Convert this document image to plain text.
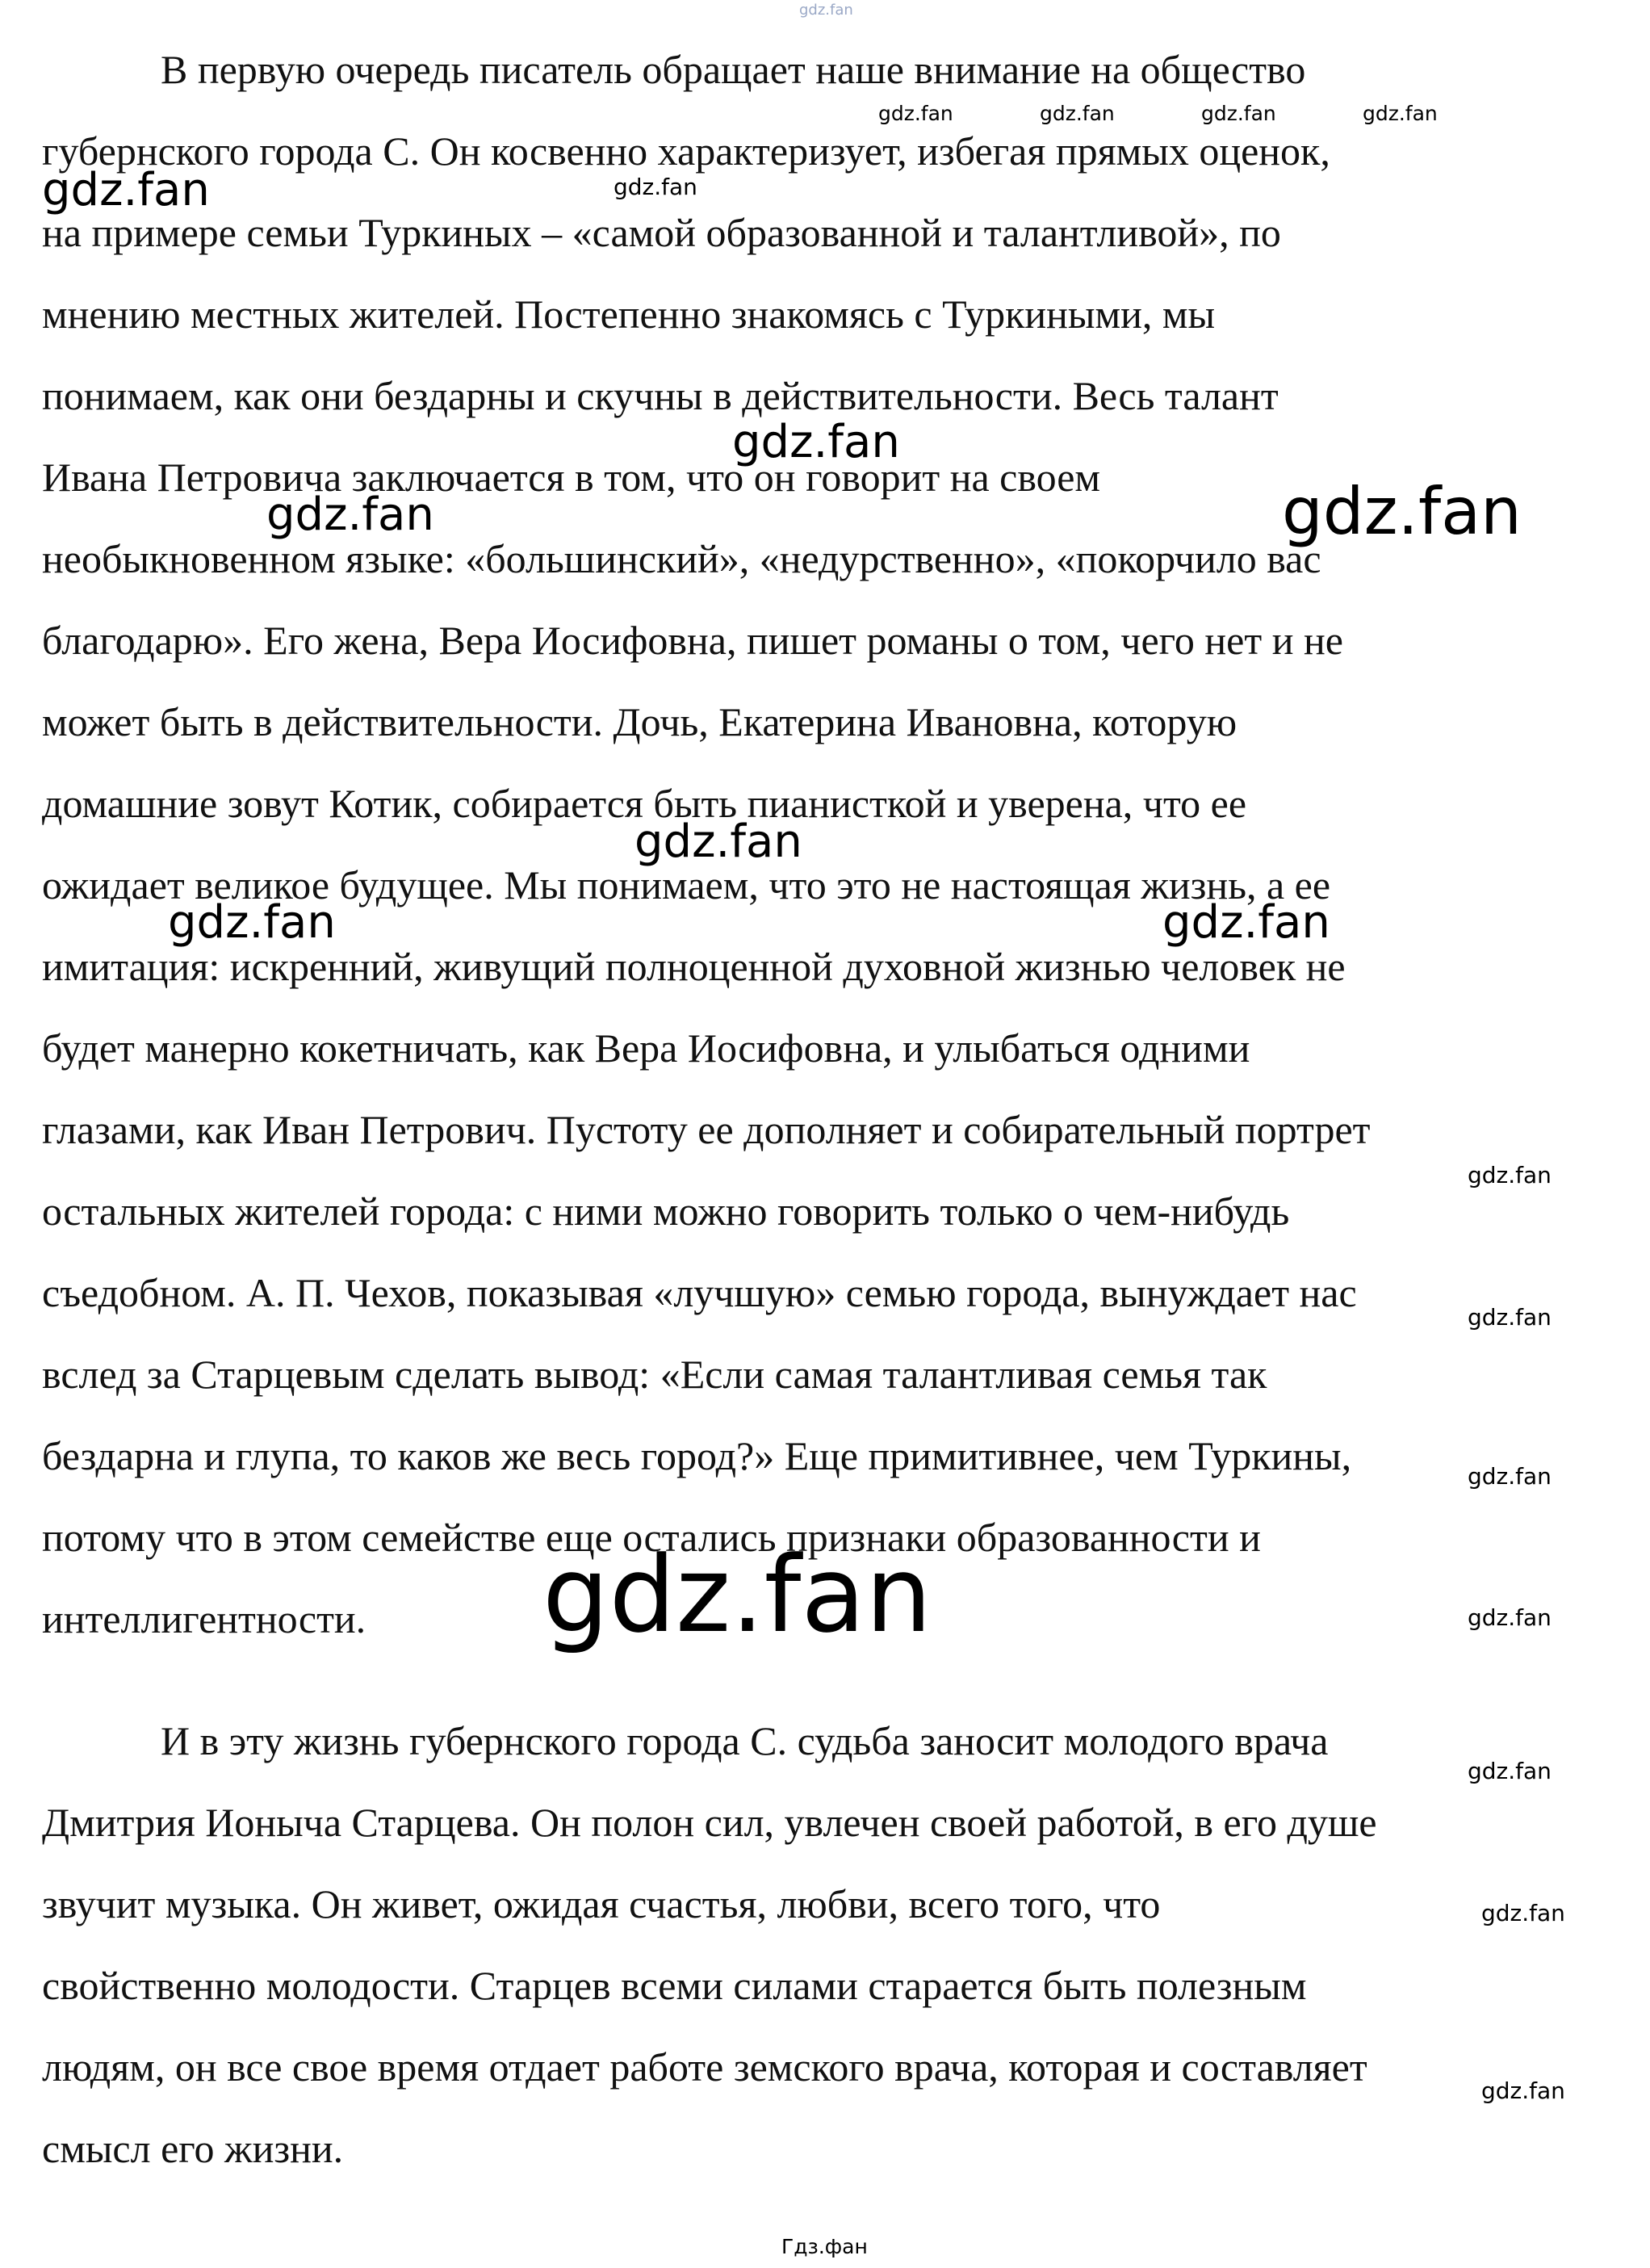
В первую очередь писатель обращает наше внимание на общество
губернского города С. Он косвенно характеризует, избегая прямых оценок,
на примере семьи Туркиных – «самой образованной и талантливой», по
мнению местных жителей. Постепенно знакомясь с Туркиными, мы
понимаем, как они бездарны и скучны в действительности. Весь талант
Ивана Петровича заключается в том, что он говорит на своем
необыкновенном языке: «большинский», «недурственно», «покорчило вас
благодарю». Его жена, Вера Иосифовна, пишет романы о том, чего нет и не
может быть в действительности. Дочь, Екатерина Ивановна, которую
домашние зовут Котик, собирается быть пианисткой и уверена, что ее
ожидает великое будущее. Мы понимаем, что это не настоящая жизнь, а ее
имитация: искренний, живущий полноценной духовной жизнью человек не
будет манерно кокетничать, как Вера Иосифовна, и улыбаться одними
глазами, как Иван Петрович. Пустоту ее дополняет и собирательный портрет
остальных жителей города: с ними можно говорить только о чем-нибудь
съедобном. А. П. Чехов, показывая «лучшую» семью города, вынуждает нас
вслед за Старцевым сделать вывод: «Если самая талантливая семья так
бездарна и глупа, то каков же весь город?» Еще примитивнее, чем Туркины,
потому что в этом семействе еще остались признаки образованности и
интеллигентности.
И в эту жизнь губернского города С. судьба заносит молодого врача
Дмитрия Ионыча Старцева. Он полон сил, увлечен своей работой, в его душе
звучит музыка. Он живет, ожидая счастья, любви, всего того, что
свойственно молодости. Старцев всеми силами старается быть полезным
людям, он все свое время отдает работе земского врача, которая и составляет
смысл его жизни.
gdz.fan
gdz.fan	gdz.fan	gdz.fan	gdz.fan
gdz.fan	gdz.fan
gdz.fan
gdz.fan	gdz.fan
gdz.fan
gdz.fan	gdz.fan
gdz.fan
gdz.fan
gdz.fan
gdz.fan	gdz.fan
gdz.fan
gdz.fan
gdz.fan
Гдз.фан
